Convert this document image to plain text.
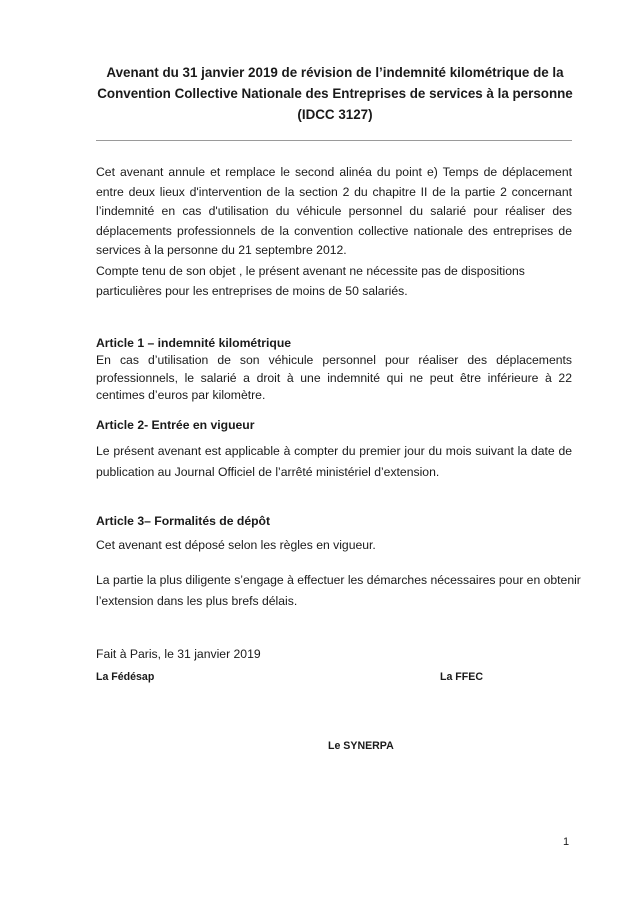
Avenant du 31 janvier 2019 de révision de l’indemnité kilométrique de la
Convention Collective Nationale des Entreprises de services à la personne
(IDCC 3127)
Cet avenant annule et remplace le second alinéa du point e) Temps de déplacement
entre deux lieux d'intervention de la section 2 du chapitre II de la partie 2 concernant
l’indemnité en cas d'utilisation du véhicule personnel du salarié pour réaliser des
déplacements professionnels de la convention collective nationale des entreprises de
services à la personne du 21 septembre 2012.
Compte tenu de son objet , le présent avenant ne nécessite pas de dispositions
particulières pour les entreprises de moins de 50 salariés.
Article 1 – indemnité kilométrique
En cas d’utilisation de son véhicule personnel pour réaliser des déplacements
professionnels, le salarié a droit à une indemnité qui ne peut être inférieure à 22
centimes d’euros par kilomètre.
Article 2- Entrée en vigueur
Le présent avenant est applicable à compter du premier jour du mois suivant la date de
publication au Journal Officiel de l’arrêté ministériel d’extension.
Article 3– Formalités de dépôt
Cet avenant est déposé selon les règles en vigueur.
La partie la plus diligente s’engage à effectuer les démarches nécessaires pour en obtenir
l’extension dans les plus brefs délais.
Fait à Paris, le 31 janvier 2019
La Fédésap	La FFEC
Le SYNERPA
1
